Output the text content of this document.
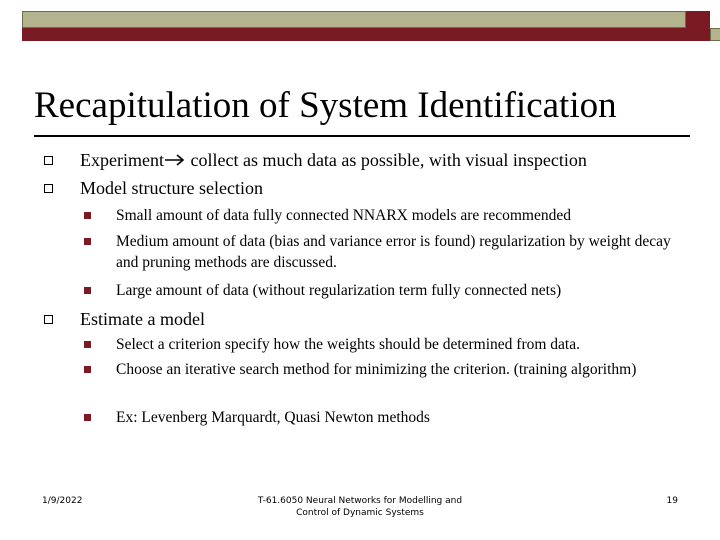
Recapitulation of System Identification
Experiment collect as much data as possible, with visual inspection
Model structure selection
Small amount of data fully connected NNARX models are recommended
Medium amount of data (bias and variance error is found) regularization by weight decay and pruning methods are discussed.
Large amount of data (without regularization term fully connected nets)
Estimate a model
Select a criterion specify how the weights should be determined from data.
Choose an iterative search method for minimizing the criterion. (training algorithm)
Ex: Levenberg Marquardt, Quasi Newton methods
1/9/2022	T-61.6050 Neural Networks for Modelling and
Control of Dynamic Systems
19
